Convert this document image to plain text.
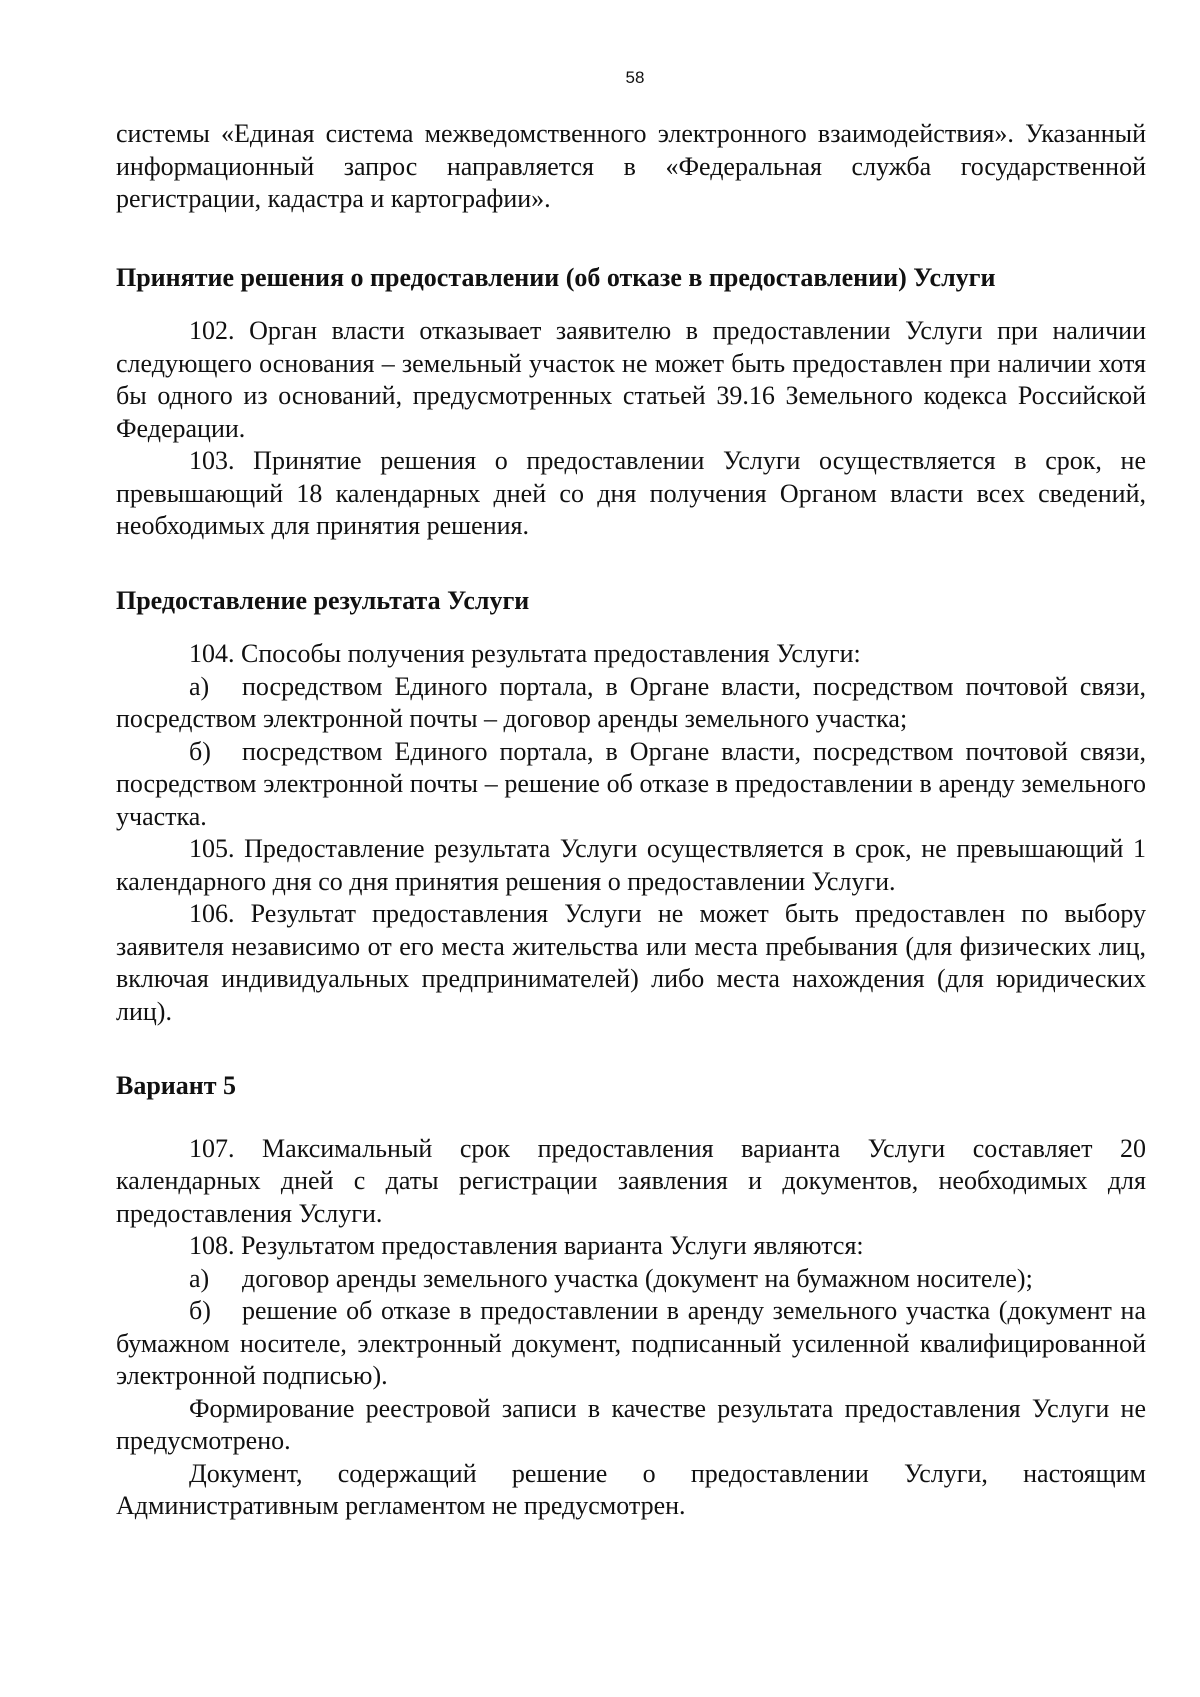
58

системы «Единая система межведомственного электронного взаимодействия». Указанный информационный запрос направляется в «Федеральная служба государственной регистрации, кадастра и картографии».

Принятие решения о предоставлении (об отказе в предоставлении) Услуги

102. Орган власти отказывает заявителю в предоставлении Услуги при наличии следующего основания – земельный участок не может быть предоставлен при наличии хотя бы одного из оснований, предусмотренных статьей 39.16 Земельного кодекса Российской Федерации.

103. Принятие решения о предоставлении Услуги осуществляется в срок, не превышающий 18 календарных дней со дня получения Органом власти всех сведений, необходимых для принятия решения.

Предоставление результата Услуги

104. Способы получения результата предоставления Услуги:

а) посредством Единого портала, в Органе власти, посредством почтовой связи, посредством электронной почты – договор аренды земельного участка;

б) посредством Единого портала, в Органе власти, посредством почтовой связи, посредством электронной почты – решение об отказе в предоставлении в аренду земельного участка.

105. Предоставление результата Услуги осуществляется в срок, не превышающий 1 календарного дня со дня принятия решения о предоставлении Услуги.

106. Результат предоставления Услуги не может быть предоставлен по выбору заявителя независимо от его места жительства или места пребывания (для физических лиц, включая индивидуальных предпринимателей) либо места нахождения (для юридических лиц).

Вариант 5

107. Максимальный срок предоставления варианта Услуги составляет 20 календарных дней с даты регистрации заявления и документов, необходимых для предоставления Услуги.

108. Результатом предоставления варианта Услуги являются:

а) договор аренды земельного участка (документ на бумажном носителе);

б) решение об отказе в предоставлении в аренду земельного участка (документ на бумажном носителе, электронный документ, подписанный усиленной квалифицированной электронной подписью).

Формирование реестровой записи в качестве результата предоставления Услуги не предусмотрено.

Документ, содержащий решение о предоставлении Услуги, настоящим Административным регламентом не предусмотрен.
